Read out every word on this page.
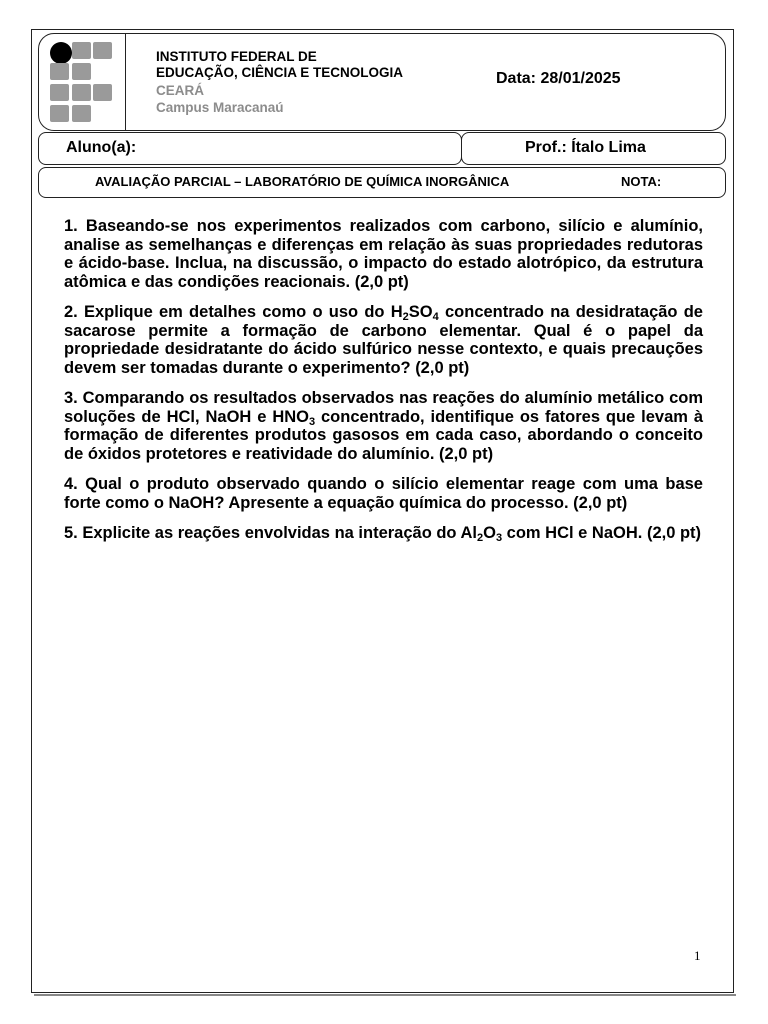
INSTITUTO FEDERAL DE
EDUCAÇÃO, CIÊNCIA E TECNOLOGIA
CEARÁ
Campus Maracanaú
Data: 28/01/2025
Aluno(a):	Prof.: Ítalo Lima
AVALIAÇÃO PARCIAL – LABORATÓRIO DE QUÍMICA INORGÂNICA	NOTA:

1. Baseando-se nos experimentos realizados com carbono, silício e alumínio, analise as semelhanças e diferenças em relação às suas propriedades redutoras e ácido-base. Inclua, na discussão, o impacto do estado alotrópico, da estrutura atômica e das condições reacionais. (2,0 pt)

2. Explique em detalhes como o uso do $H_2SO_4$ concentrado na desidratação de sacarose permite a formação de carbono elementar. Qual é o papel da propriedade desidratante do ácido sulfúrico nesse contexto, e quais precauções devem ser tomadas durante o experimento? (2,0 pt)

3. Comparando os resultados observados nas reações do alumínio metálico com soluções de HCl, NaOH e $HNO_3$ concentrado, identifique os fatores que levam à formação de diferentes produtos gasosos em cada caso, abordando o conceito de óxidos protetores e reatividade do alumínio. (2,0 pt)

4. Qual o produto observado quando o silício elementar reage com uma base forte como o NaOH? Apresente a equação química do processo. (2,0 pt)

5. Explicite as reações envolvidas na interação do $Al_2O_3$ com HCl e NaOH. (2,0 pt)

1
